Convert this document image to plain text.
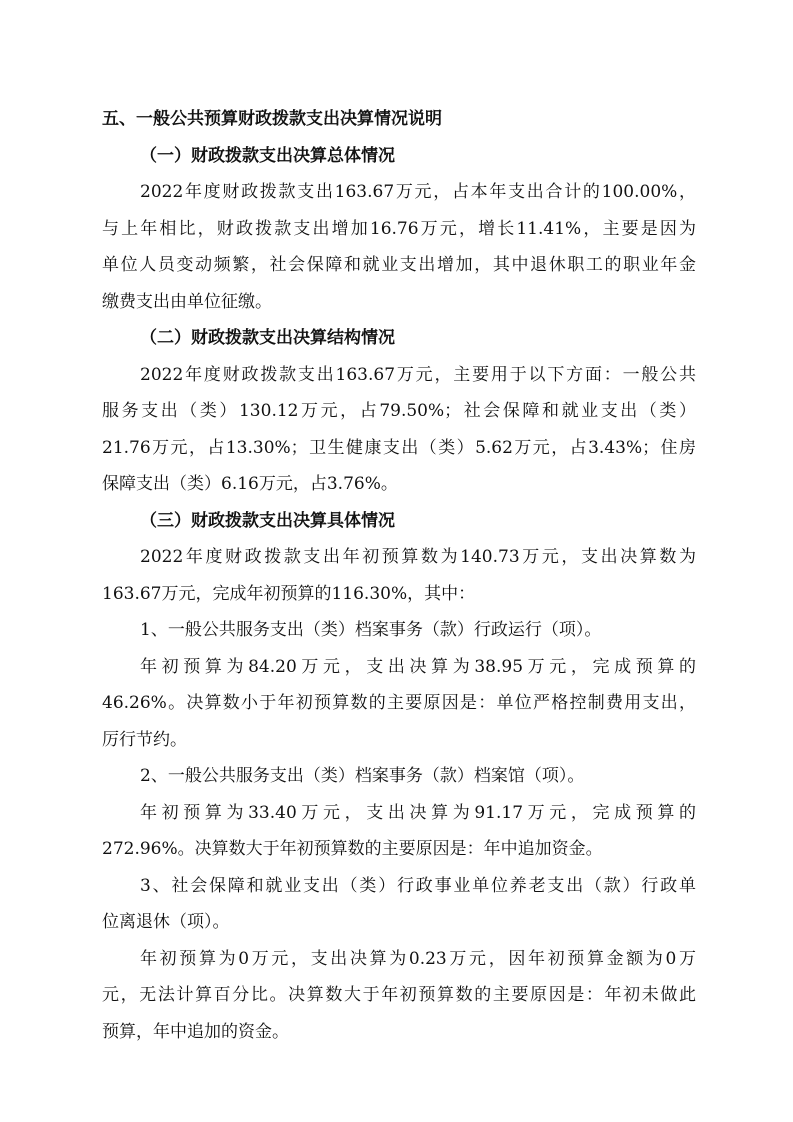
五、一般公共预算财政拨款支出决算情况说明
（一）财政拨款支出决算总体情况
2022年度财政拨款支出163.67万元，占本年支出合计的100.00%，
与上年相比，财政拨款支出增加16.76万元，增长11.41%，主要是因为
单位人员变动频繁，社会保障和就业支出增加，其中退休职工的职业年金
缴费支出由单位征缴。
（二）财政拨款支出决算结构情况
2022年度财政拨款支出163.67万元，主要用于以下方面：一般公共
服务支出（类）130.12万元，占79.50%；社会保障和就业支出（类）
21.76万元，占13.30%；卫生健康支出（类）5.62万元，占3.43%；住房
保障支出（类）6.16万元，占3.76%。
（三）财政拨款支出决算具体情况
2022年度财政拨款支出年初预算数为140.73万元，支出决算数为
163.67万元，完成年初预算的116.30%，其中：
1、一般公共服务支出（类）档案事务（款）行政运行（项）。
年初预算为84.20万元，支出决算为38.95万元，完成预算的
46.26%。决算数小于年初预算数的主要原因是：单位严格控制费用支出，
厉行节约。
2、一般公共服务支出（类）档案事务（款）档案馆（项）。
年初预算为33.40万元，支出决算为91.17万元，完成预算的
272.96%。决算数大于年初预算数的主要原因是：年中追加资金。
3、社会保障和就业支出（类）行政事业单位养老支出（款）行政单
位离退休（项）。
年初预算为0万元，支出决算为0.23万元，因年初预算金额为0万
元，无法计算百分比。决算数大于年初预算数的主要原因是：年初未做此
预算，年中追加的资金。
